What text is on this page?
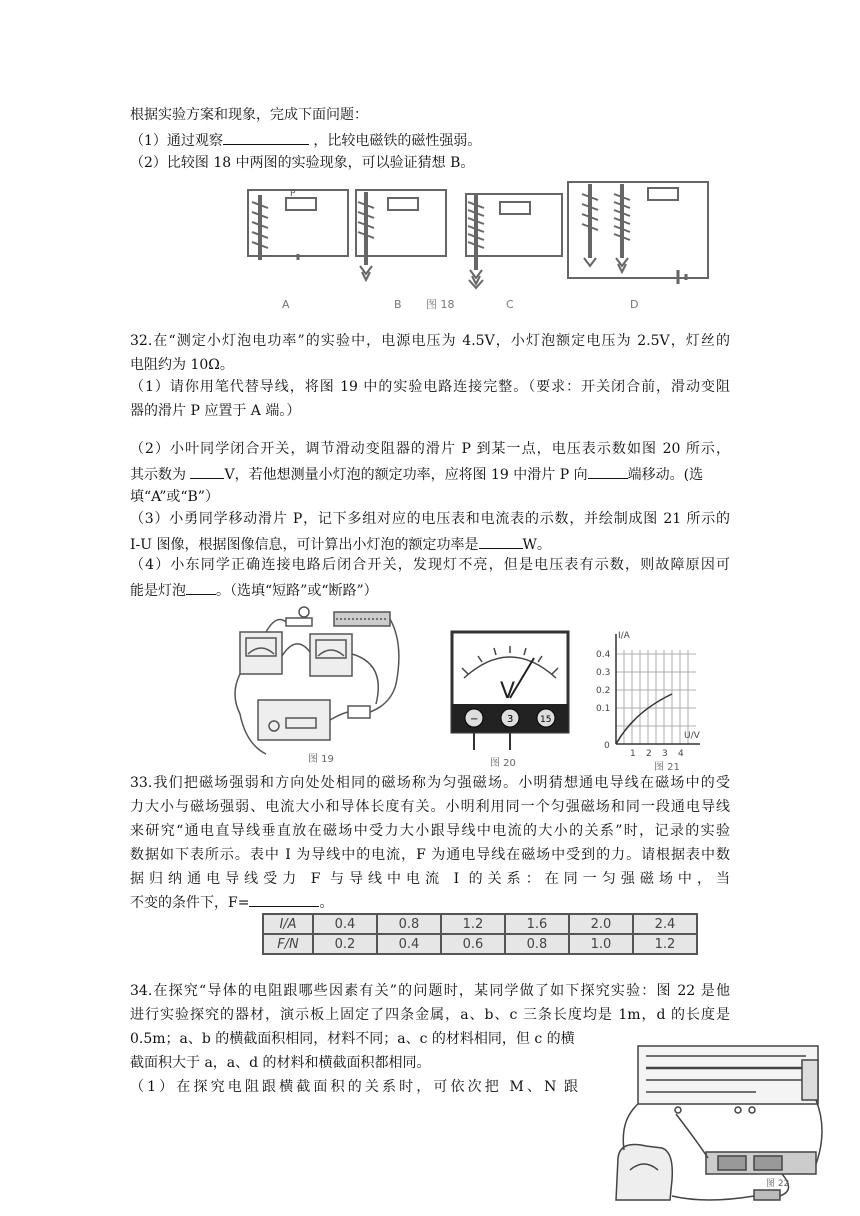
根据实验方案和现象，完成下面问题：
（1）通过观察	，比较电磁铁的磁性强弱。
（2）比较图 18 中两图的实验现象，可以验证猜想 B。
P
A	B 图 18	C	D
32.在“测定小灯泡电功率”的实验中，电源电压为 4.5V，小灯泡额定电压为 2.5V，灯丝的
电阻约为 10Ω。
（1）请你用笔代替导线，将图 19 中的实验电路连接完整。（要求：开关闭合前，滑动变阻
器的滑片 P 应置于 A 端。）
（2）小叶同学闭合开关，调节滑动变阻器的滑片 P 到某一点，电压表示数如图 20 所示，
其示数为 V，若他想测量小灯泡的额定功率，应将图 19 中滑片 P 向	端移动。(选
填“A”或“B”）
（3）小勇同学移动滑片 P，记下多组对应的电压表和电流表的示数，并绘制成图 21 所示的
I-U 图像，根据图像信息，可计算出小灯泡的额定功率是	W。
（4）小东同学正确连接电路后闭合开关，发现灯不亮，但是电压表有示数，则故障原因可
能是灯泡 。（选填“短路”或“断路”）
图 19
V
−	3	15
图 20
I/A
U/V
0.4
0.3
0.2
0.1
0
1 2 3 4
图 21
33.我们把磁场强弱和方向处处相同的磁场称为匀强磁场。小明猜想通电导线在磁场中的受
力大小与磁场强弱、电流大小和导体长度有关。小明利用同一个匀强磁场和同一段通电导线
来研究“通电直导线垂直放在磁场中受力大小跟导线中电流的大小的关系”时，记录的实验
数据如下表所示。表中 I 为导线中的电流，F 为通电导线在磁场中受到的力。请根据表中数
据归纳通电导线受力 F 与导线中电流 I 的关系：在同一匀强磁场中，当
不变的条件下，F=	。
I/A	0.4	0.8	1.2	1.6	2.0	2.4
F/N	0.2	0.4	0.6	0.8	1.0	1.2
34.在探究“导体的电阻跟哪些因素有关”的问题时，某同学做了如下探究实验：图 22 是他
进行实验探究的器材，演示板上固定了四条金属，a、b、c 三条长度均是 1m，d 的长度是
0.5m；a、b 的横截面积相同，材料不同；a、c 的材料相同，但 c 的横
截面积大于 a，a、d 的材料和横截面积都相同。
（1）在探究电阻跟横截面积的关系时，可依次把 M、N 跟
图 22
